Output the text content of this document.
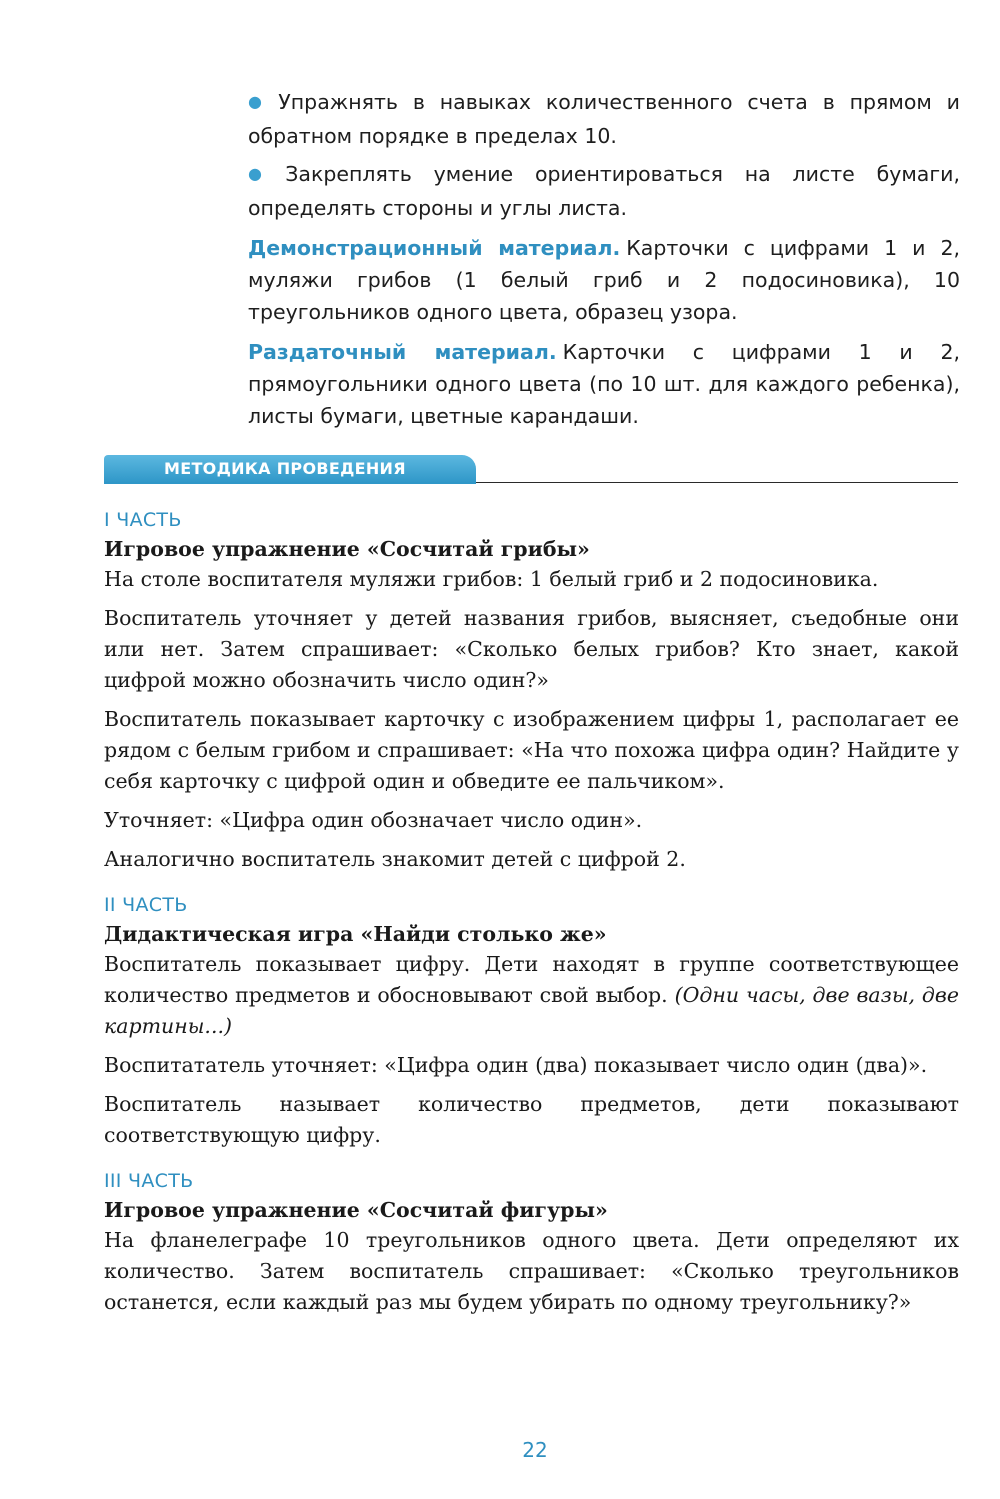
● Упражнять в навыках количественного счета в прямом и обратном порядке в пределах 10.
● Закреплять умение ориентироваться на листе бумаги, определять стороны и углы листа.
Демонстрационный материал. Карточки с цифрами 1 и 2, муляжи грибов (1 белый гриб и 2 подосиновика), 10 треугольников одного цвета, образец узора.
Раздаточный материал. Карточки с цифрами 1 и 2, прямоугольники одного цвета (по 10 шт. для каждого ребенка), листы бумаги, цветные карандаши.
МЕТОДИКА ПРОВЕДЕНИЯ
I ЧАСТЬ
Игровое упражнение «Сосчитай грибы»

На столе воспитателя муляжи грибов: 1 белый гриб и 2 подосиновика.

Воспитатель уточняет у детей названия грибов, выясняет, съедобные они или нет. Затем спрашивает: «Сколько белых грибов? Кто знает, какой цифрой можно обозначить число один?»

Воспитатель показывает карточку с изображением цифры 1, располагает ее рядом с белым грибом и спрашивает: «На что похожа цифра один? Найдите у себя карточку с цифрой один и обведите ее пальчиком».

Уточняет: «Цифра один обозначает число один».

Аналогично воспитатель знакомит детей с цифрой 2.

II ЧАСТЬ
Дидактическая игра «Найди столько же»

Воспитатель показывает цифру. Дети находят в группе соответствующее количество предметов и обосновывают свой выбор. (Одни часы, две вазы, две картины...)

Воспитататель уточняет: «Цифра один (два) показывает число один (два)».

Воспитатель называет количество предметов, дети показывают соответствующую цифру.

III ЧАСТЬ
Игровое упражнение «Сосчитай фигуры»

На фланелеграфе 10 треугольников одного цвета. Дети определяют их количество. Затем воспитатель спрашивает: «Сколько треугольников останется, если каждый раз мы будем убирать по одному треугольнику?»

22
